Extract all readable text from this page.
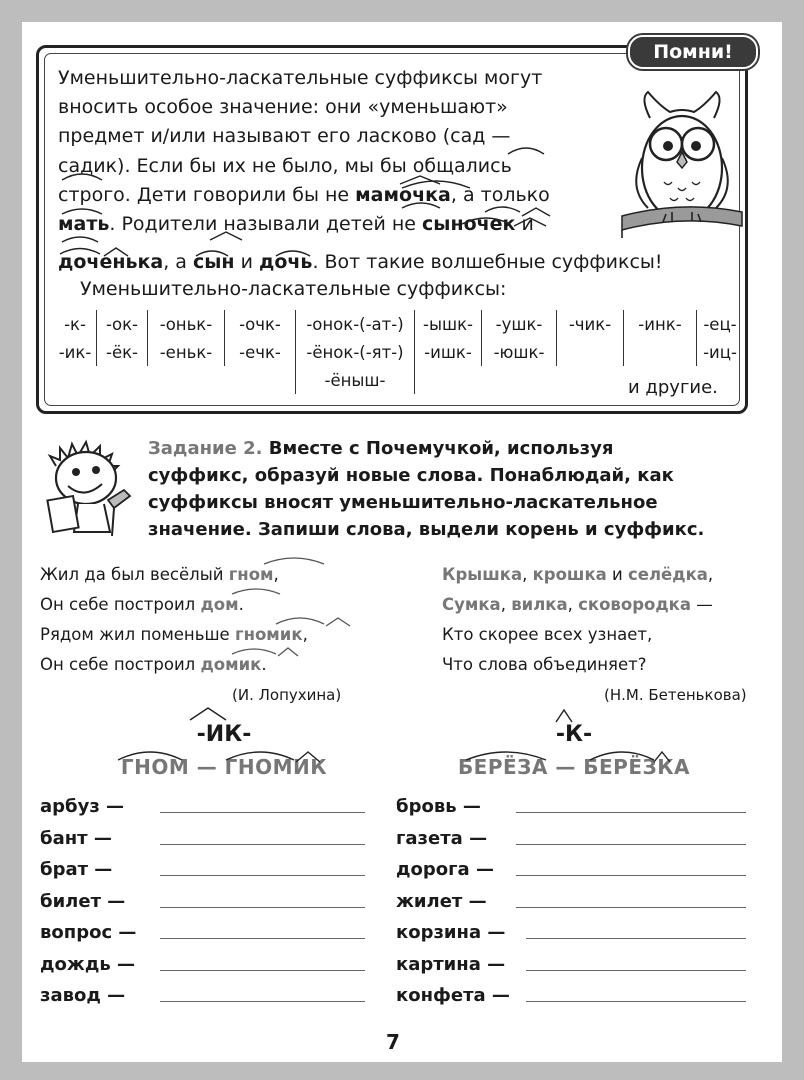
Помни!
Уменьшительно-ласкательные суффиксы могут
вносить особое значение: они «уменьшают»
предмет и/или называют его ласково (сад —
садик). Если бы их не было, мы бы общались
строго. Дети говорили бы не мамочка, а только
мать. Родители называли детей не сыночек и
доченька, а сын и дочь. Вот такие волшебные суффиксы!
Уменьшительно-ласкательные суффиксы:
-к-	-ок-	-оньк-	-очк-	-онок-(-ат-)	-ышк-	-ушк-	-чик-	-инк-	-ец-
-ик-	-ёк-	-еньк-	-ечк-	-ёнок-(-ят-)	-ишк-	-юшк-			-иц-
				-ёныш-						и другие.
Задание 2. Вместе с Почемучкой, используя
суффикс, образуй новые слова. Понаблюдай, как
суффиксы вносят уменьшительно-ласкательное
значение. Запиши слова, выдели корень и суффикс.
Жил да был весёлый гном,
Он себе построил дом.
Рядом жил поменьше гномик,
Он себе построил домик.
(И. Лопухина)
Крышка, крошка и селёдка,
Сумка, вилка, сковородка —
Кто скорее всех узнает,
Что слова объединяет?
(Н.М. Бетенькова)
-ИК-
ГНОМ — ГНОМИК
-К-
БЕРЁЗА — БЕРЁЗКА
арбуз —
бант —
брат —
билет —
вопрос —
дождь —
завод —
бровь —
газета —
дорога —
жилет —
корзина —
картина —
конфета —
7
